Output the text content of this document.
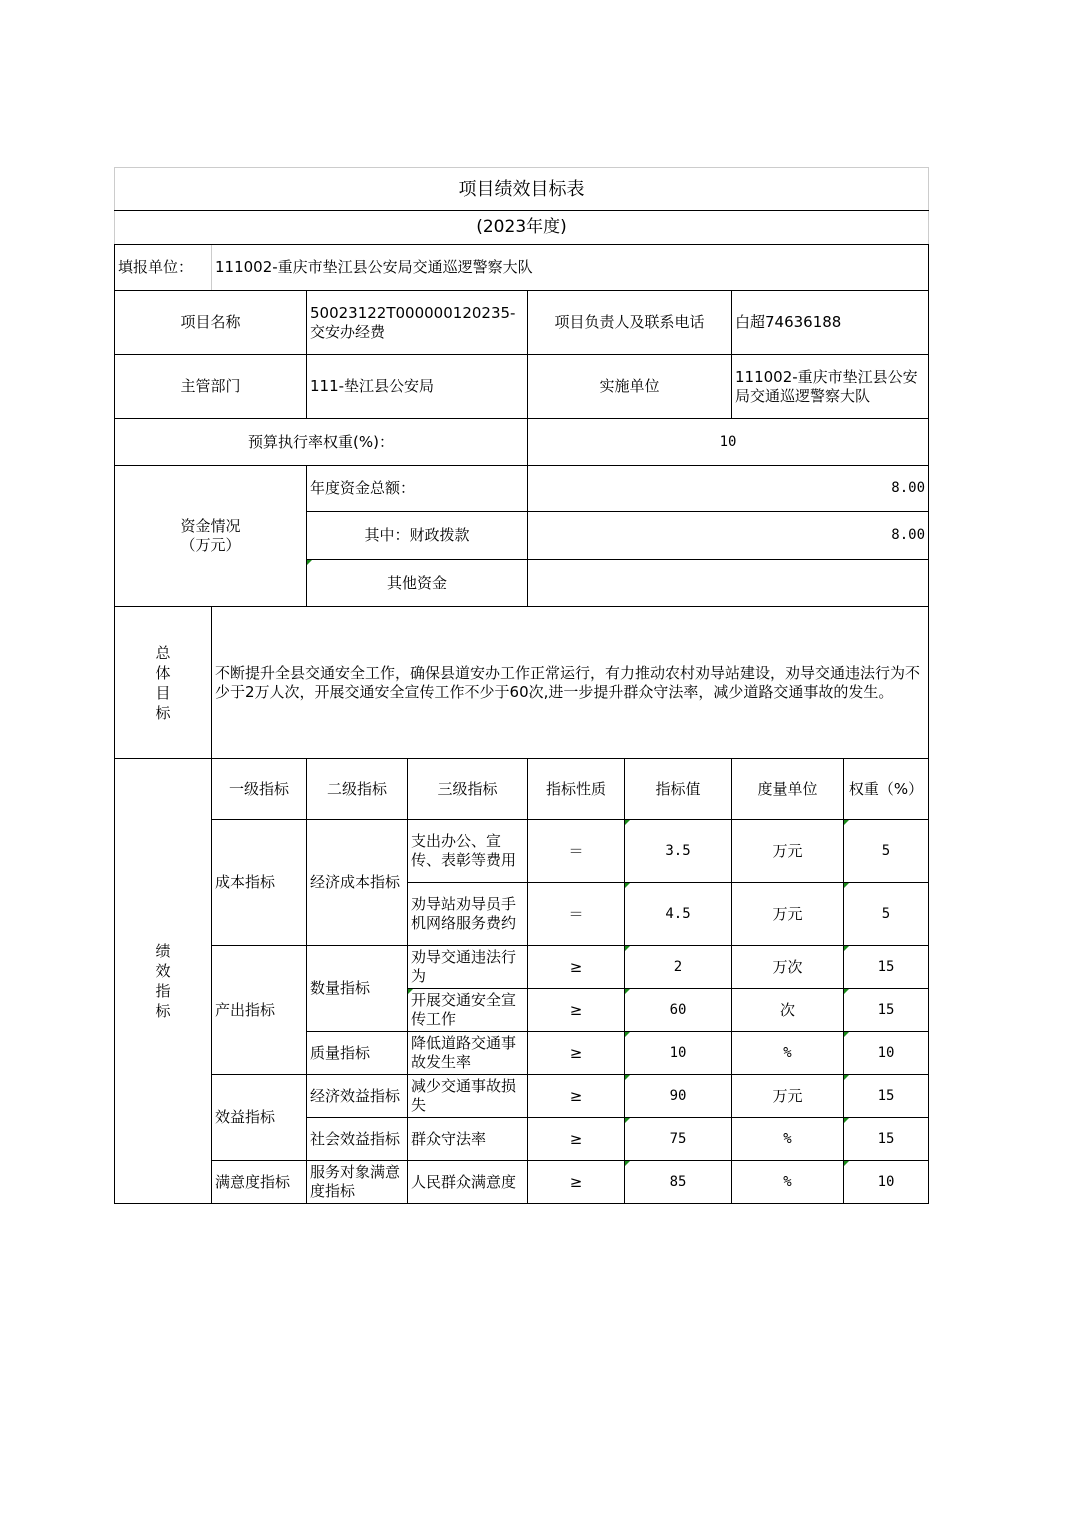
项目绩效目标表							
(2023年度)							
填报单位：	111002-重庆市垫江县公安局交通巡逻警察大队						
项目名称		50023122T000000120235-交安办经费		项目负责人及联系电话		白超74636188	
主管部门		111-垫江县公安局		实施单位		111002-重庆市垫江县公安局交通巡逻警察大队	
预算执行率权重(%)：				10			
资金情况（万元）		年度资金总额：		8.00			
		其中：财政拨款		8.00			
		其他资金					
总体目标	不断提升全县交通安全工作，确保县道安办工作正常运行，有力推动农村劝导站建设，劝导交通违法行为不少于2万人次，开展交通安全宣传工作不少于60次,进一步提升群众守法率，减少道路交通事故的发生。						
绩效指标	一级指标	二级指标	三级指标	指标性质	指标值	度量单位	权重（%）
	成本指标	经济成本指标	支出办公、宣传、表彰等费用	＝	3.5	万元	5
			劝导站劝导员手机网络服务费约	＝	4.5	万元	5
	产出指标	数量指标	劝导交通违法行为	≥	2	万次	15
			开展交通安全宣传工作	≥	60	次	15
		质量指标	降低道路交通事故发生率	≥	10	%	10
	效益指标	经济效益指标	减少交通事故损失	≥	90	万元	15
		社会效益指标	群众守法率	≥	75	%	15
	满意度指标	服务对象满意度指标	人民群众满意度	≥	85	%	10
